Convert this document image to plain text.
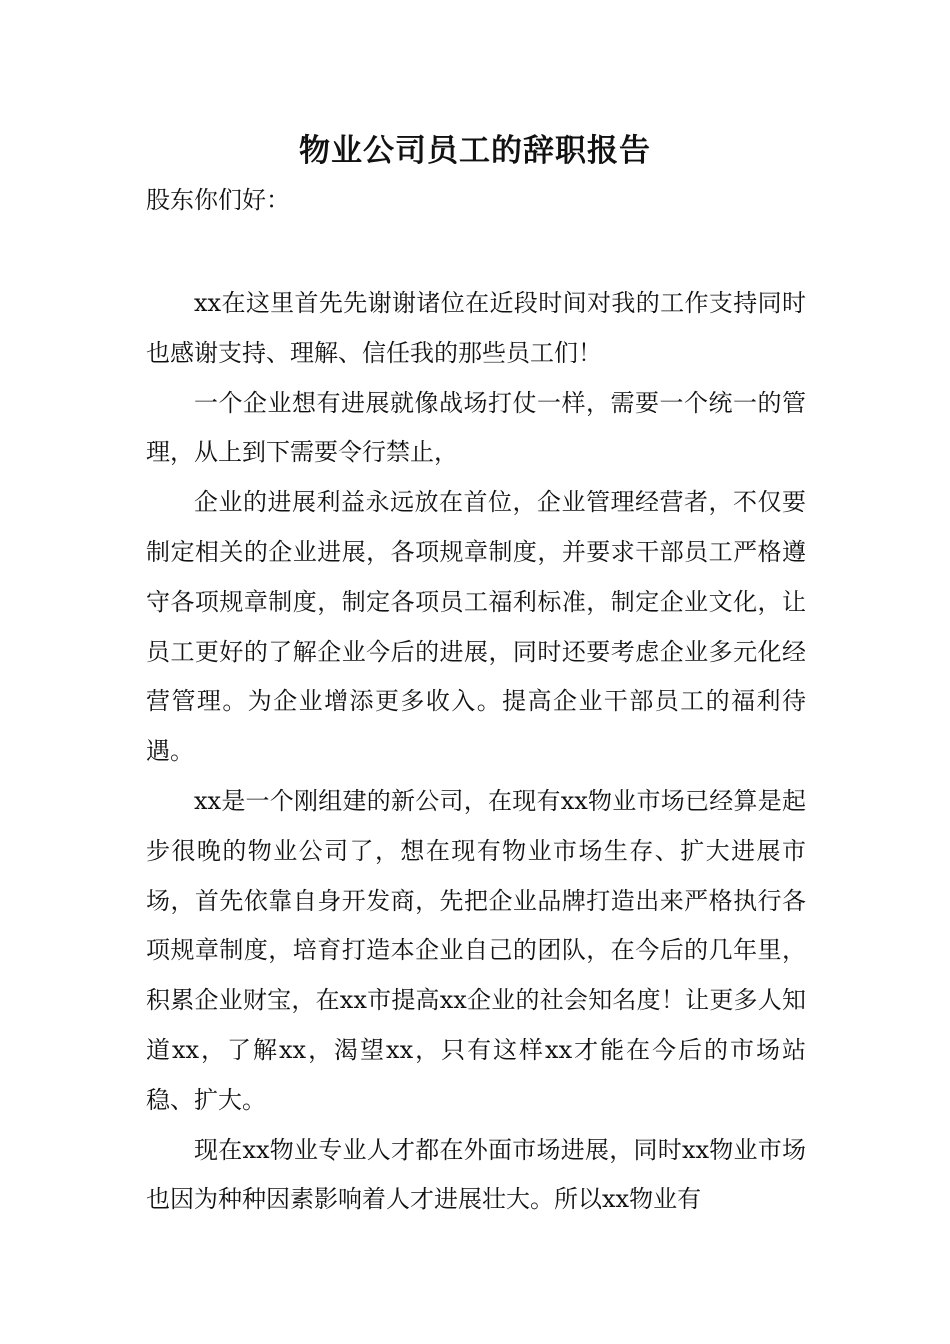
物业公司员工的辞职报告

股东你们好：

xx在这里首先先谢谢诸位在近段时间对我的工作支持同时也感谢支持、理解、信任我的那些员工们！

一个企业想有进展就像战场打仗一样，需要一个统一的管理，从上到下需要令行禁止，

企业的进展利益永远放在首位，企业管理经营者，不仅要制定相关的企业进展，各项规章制度，并要求干部员工严格遵守各项规章制度，制定各项员工福利标准，制定企业文化，让员工更好的了解企业今后的进展，同时还要考虑企业多元化经营管理。为企业增添更多收入。提高企业干部员工的福利待遇。

xx是一个刚组建的新公司，在现有xx物业市场已经算是起步很晚的物业公司了，想在现有物业市场生存、扩大进展市场，首先依靠自身开发商，先把企业品牌打造出来严格执行各项规章制度，培育打造本企业自己的团队，在今后的几年里，积累企业财宝，在xx市提高xx企业的社会知名度！让更多人知道xx，了解xx，渴望xx，只有这样xx才能在今后的市场站稳、扩大。

现在xx物业专业人才都在外面市场进展，同时xx物业市场也因为种种因素影响着人才进展壮大。所以xx物业有
